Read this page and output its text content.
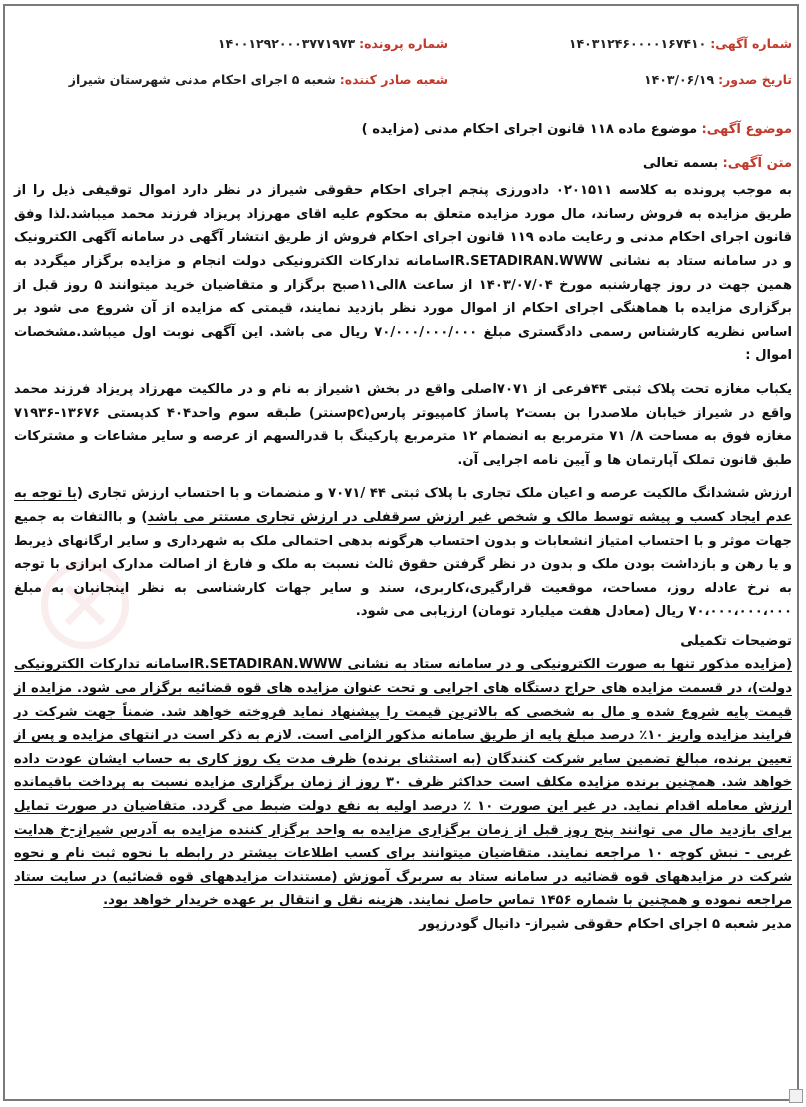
شماره آگهی: ۱۴۰۳۱۲۴۶۰۰۰۰۱۶۷۴۱۰
شماره پرونده: ۱۴۰۰۱۲۹۲۰۰۰۳۷۷۱۹۷۳
تاریخ صدور: ۱۴۰۳/۰۶/۱۹
شعبه صادر کننده: شعبه ۵ اجرای احکام مدنی شهرستان شیراز

موضوع آگهی: موضوع ماده ۱۱۸ قانون اجرای احکام مدنی (مزایده )

متن آگهی: بسمه تعالی

به موجب پرونده به کلاسه ۰۲۰۱۵۱۱ دادورزی پنجم اجرای احکام حقوقی شیراز در نظر دارد اموال توقیفی ذیل را از طریق مزایده به فروش رساند، مال مورد مزایده متعلق به محکوم علیه اقای مهرزاد پریزاد فرزند محمد میباشد.لذا وفق قانون اجرای احکام مدنی و رعایت ماده ۱۱۹ قانون اجرای احکام فروش از طریق انتشار آگهی در سامانه آگهی الکترونیک و در سامانه ستاد به نشانی IR.SETADIRAN.WWWسامانه تدارکات الکترونیکی دولت انجام و مزایده برگزار میگردد به همین جهت در روز چهارشنبه مورخ ۱۴۰۳/۰۷/۰۴ از ساعت ۸الی۱۱صبح برگزار و متقاضیان خرید میتوانند ۵ روز قبل از برگزاری مزایده با هماهنگی اجرای احکام از اموال مورد نظر بازدید نمایند، قیمتی که مزایده از آن شروع می شود بر اساس نظریه کارشناس رسمی دادگستری مبلغ ۷۰/۰۰۰/۰۰۰/۰۰۰ ریال می باشد. این آگهی نوبت اول میباشد.مشخصات اموال :

یکباب مغازه تحت پلاک ثبتی ۴۴فرعی از ۷۰۷۱اصلی واقع در بخش ۱شیراز به نام و در مالکیت مهرزاد پریزاد فرزند محمد واقع در شیراز خیابان ملاصدرا بن بست۲ پاساژ کامپیوتر پارس(pcسنتر) طبقه سوم واحد۴۰۴ کدپستی ۱۳۶۷۶-۷۱۹۳۶ مغازه فوق به مساحت ۸/ ۷۱ مترمربع به انضمام ۱۲ مترمربع پارکینگ با قدرالسهم از عرصه و سایر مشاعات و مشترکات طبق قانون تملک آپارتمان ها و آیین نامه اجرایی آن.

ارزش ششدانگ مالکیت عرصه و اعیان ملک تجاری با پلاک ثبتی ۴۴ /۷۰۷۱ و منضمات و با احتساب ارزش تجاری (با توجه به عدم ایجاد کسب و پیشه توسط مالک و شخص غیر ارزش سرقفلی در ارزش تجاری مستتر می باشد) و باالتفات به جمیع جهات موثر و با احتساب امتیاز انشعابات و بدون احتساب هرگونه بدهی احتمالی ملک به شهرداری و سایر ارگانهای ذیربط و یا رهن و بازداشت بودن ملک و بدون در نظر گرفتن حقوق ثالث نسبت به ملک و فارغ از اصالت مدارک ابرازی با توجه به نرخ عادله روز، مساحت، موقعیت قرارگیری،کاربری، سند و سایر جهات کارشناسی به نظر اینجانبان به مبلغ ۷۰،۰۰۰،۰۰۰،۰۰۰ ریال (معادل هفت میلیارد تومان) ارزیابی می شود.

توضیحات تکمیلی

(مزایده مذکور تنها به صورت الکترونیکی و در سامانه ستاد به نشانی IR.SETADIRAN.WWWسامانه تدارکات الکترونیکی دولت)، در قسمت مزایده های حراج دستگاه های اجرایی و تحت عنوان مزایده های قوه قضائیه برگزار می شود. مزایده از قیمت پایه شروع شده و مال به شخصی که بالاترین قیمت را پیشنهاد نماید فروخته خواهد شد. ضمناً جهت شرکت در فرایند مزایده واریز ۱۰٪ درصد مبلغ پایه از طریق سامانه مذکور الزامی است. لازم به ذکر است در انتهای مزایده و پس از تعیین برنده، مبالغ تضمین سایر شرکت کنندگان (به استثنای برنده) ظرف مدت یک روز کاری به حساب ایشان عودت داده خواهد شد. همچنین برنده مزایده مکلف است حداکثر ظرف ۳۰ روز از زمان برگزاری مزایده نسبت به پرداخت باقیمانده ارزش معامله اقدام نماید. در غیر این صورت ۱۰ ٪ درصد اولیه به نفع دولت ضبط می گردد. متقاضیان در صورت تمایل برای بازدید مال می توانند پنج روز قبل از زمان برگزاری مزایده به واحد برگزار کننده مزایده به آدرس شیراز-خ هدایت غربی - نبش کوچه ۱۰ مراجعه نمایند. متقاضیان میتوانند برای کسب اطلاعات بیشتر در رابطه با نحوه ثبت نام و نحوه شرکت در مزایدههای قوه قضائیه در سامانه ستاد به سربرگ آموزش (مستندات مزایدههای قوه قضائیه) در سایت ستاد مراجعه نموده و همچنین با شماره ۱۴۵۶ تماس حاصل نمایند. هزینه نقل و انتقال بر عهده خریدار خواهد بود.

مدیر شعبه ۵ اجرای احکام حقوقی شیراز- دانیال گودرزپور
